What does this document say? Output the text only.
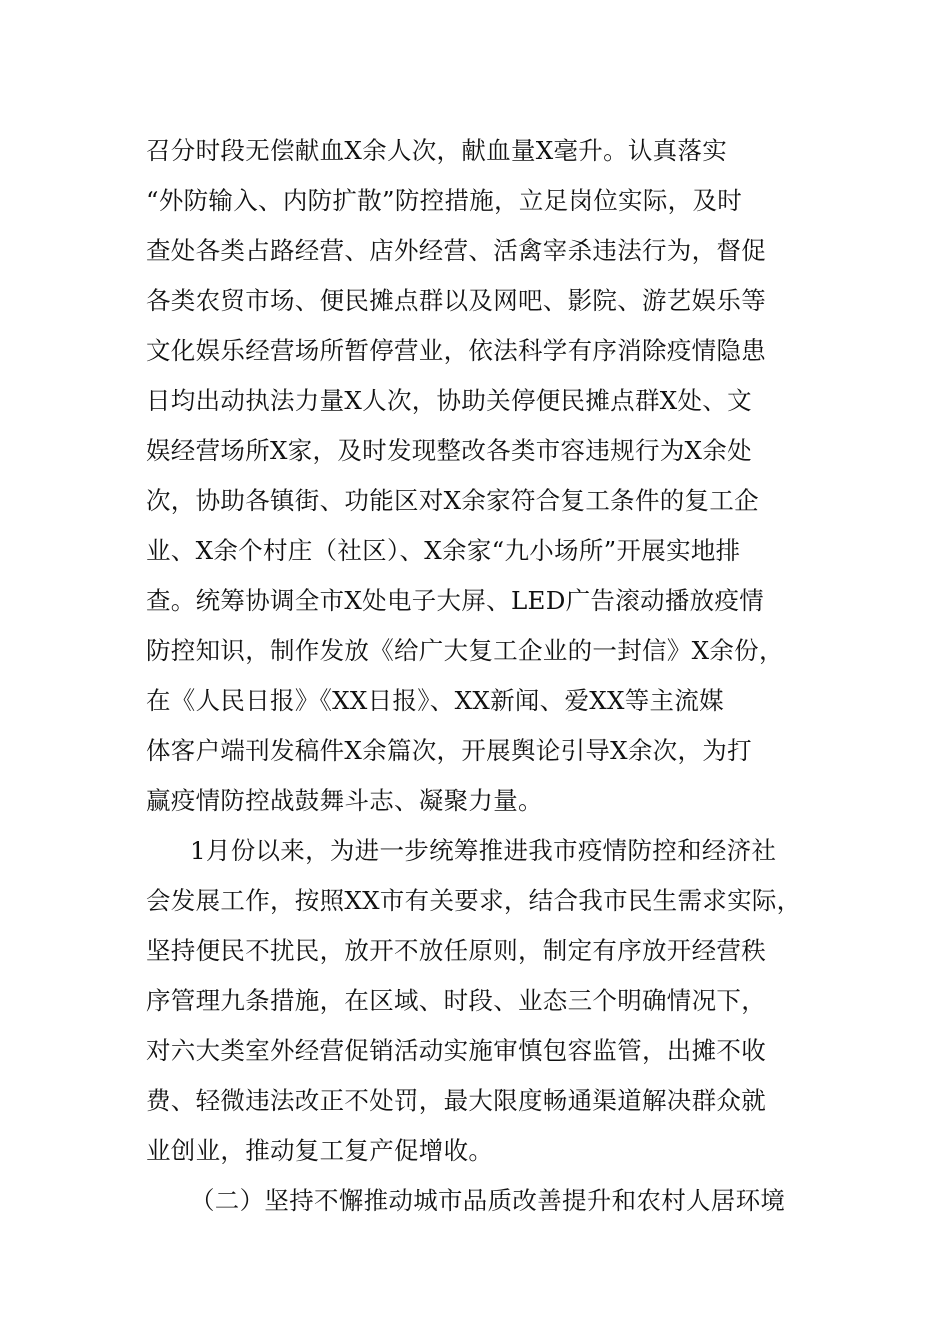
召分时段无偿献血X余人次，献血量X毫升。认真落实
“外防输入、内防扩散”防控措施，立足岗位实际，及时
查处各类占路经营、店外经营、活禽宰杀违法行为，督促
各类农贸市场、便民摊点群以及网吧、影院、游艺娱乐等
文化娱乐经营场所暂停营业，依法科学有序消除疫情隐患
日均出动执法力量X人次，协助关停便民摊点群X处、文
娱经营场所X家，及时发现整改各类市容违规行为X余处
次，协助各镇街、功能区对X余家符合复工条件的复工企
业、X余个村庄（社区）、X余家“九小场所”开展实地排
查。统筹协调全市X处电子大屏、LED广告滚动播放疫情
防控知识，制作发放《给广大复工企业的一封信》X余份，
在《人民日报》《XX日报》、XX新闻、爱XX等主流媒
体客户端刊发稿件X余篇次，开展舆论引导X余次，为打
赢疫情防控战鼓舞斗志、凝聚力量。
1月份以来，为进一步统筹推进我市疫情防控和经济社
会发展工作，按照XX市有关要求，结合我市民生需求实际，
坚持便民不扰民，放开不放任原则，制定有序放开经营秩
序管理九条措施，在区域、时段、业态三个明确情况下，
对六大类室外经营促销活动实施审慎包容监管，出摊不收
费、轻微违法改正不处罚，最大限度畅通渠道解决群众就
业创业，推动复工复产促增收。
（二）坚持不懈推动城市品质改善提升和农村人居环境
